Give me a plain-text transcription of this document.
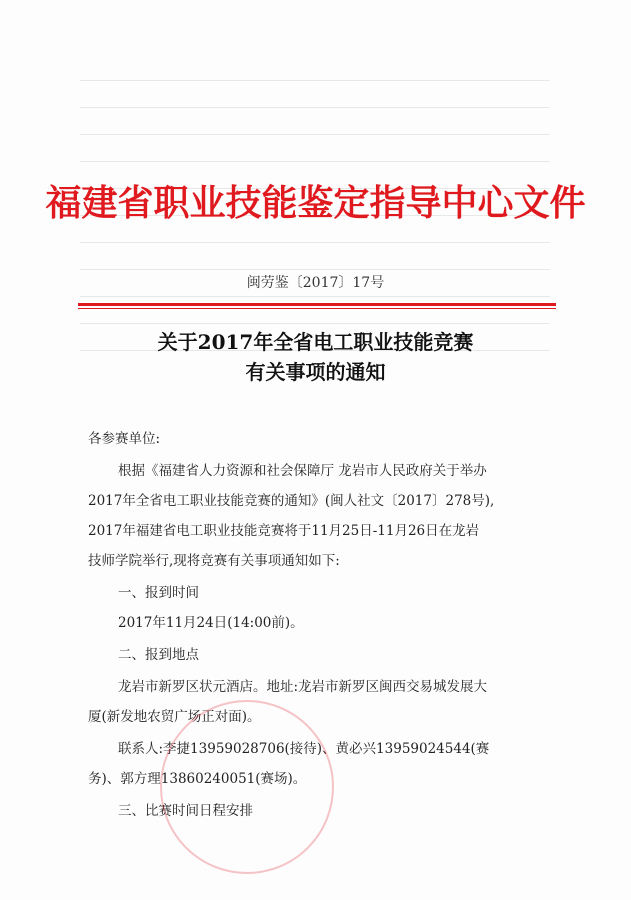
福建省职业技能鉴定指导中心文件
闽劳鉴〔2017〕17号
关于2017年全省电工职业技能竞赛
有关事项的通知
各参赛单位:
根据《福建省人力资源和社会保障厅 龙岩市人民政府关于举办
2017年全省电工职业技能竞赛的通知》(闽人社文〔2017〕278号),
2017年福建省电工职业技能竞赛将于11月25日-11月26日在龙岩
技师学院举行,现将竞赛有关事项通知如下:
一、报到时间
2017年11月24日(14:00前)。
二、报到地点
龙岩市新罗区状元酒店。地址:龙岩市新罗区闽西交易城发展大
厦(新发地农贸广场正对面)。
联系人:李捷13959028706(接待)、黄必兴13959024544(赛
务)、郭方理13860240051(赛场)。
三、比赛时间日程安排
